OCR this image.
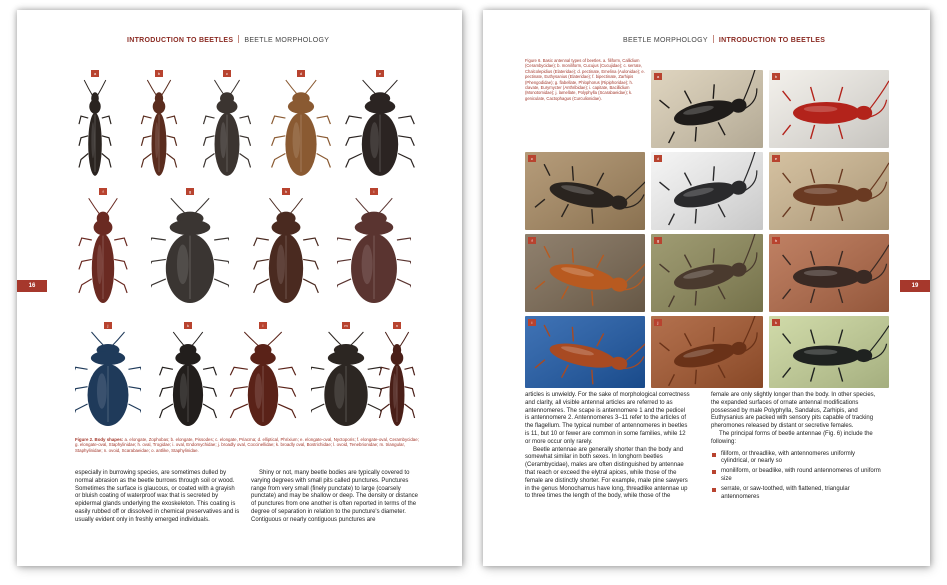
INTRODUCTION TO BEETLES BEETLE MORPHOLOGY
16
a	b	c	d	e
f	g	h	i
j	k	l	m	n
Figure 2. Body shapes: a. elongate, Zophobas; b. elongate, Pissodes; c. elongate, Priacma; d. elliptical, Phrixium; e. elongate-oval, Nyctoporis; f. elongate-oval, Cerambycidae; g. elongate-oval, Staphylinidae; h. oval, Trogidae; i. oval, Endomychidae; j. broadly oval, Coccinellidae; k. broadly oval, Bostrichidae; l. ovoid, Tenebrionidae; m. triangular, Staphylinidae; n. ovoid, Scarabaeidae; o. antlike, Staphylinidae.
especially in burrowing species, are sometimes dulled by normal abrasion as the beetle burrows through soil or wood. Sometimes the surface is glaucous, or coated with a grayish or bluish coating of waterproof wax that is secreted by epidermal glands underlying the exoskeleton. This coating is easily rubbed off or dissolved in chemical preservatives and is usually evident only in freshly emerged individuals.
Shiny or not, many beetle bodies are typically covered to varying degrees with small pits called punctures. Punctures range from very small (finely punctate) to large (coarsely punctate) and may be shallow or deep. The density or distance of punctures from one another is often reported in terms of the degree of separation in relation to the puncture's diameter. Contiguous or nearly contiguous punctures are
BEETLE MORPHOLOGY INTRODUCTION TO BEETLES
19
Figure 6. Basic antennal types of beetles. a. filiform, Callidium (Cerambycidae); b. moniliform, Cucujus (Cucujidae); c. serrate, Chalcolepidius (Elateridae); d. pectinate, Emelina (Aulonidae); e. pectinate, Euthysanius (Elateridae); f. bipectinate, Zarhipis (Phengodidae); g. flabellate, Phlophorus (Ripiphoridae); h. clavate, Eurymycter (Anthribidae); i. capitate, Bacillidium (Monotomidae); j. lamellate, Polyphylla (Scarabaeidae); k. geniculate, Cactophagus (Curculionidae).
a	b
c	d	e
f	g	h
i	j	k

articles is unwieldy. For the sake of morphological correctness and clarity, all visible antennal articles are referred to as antennomeres. The scape is antennomere 1 and the pedicel is antennomere 2. Antennomeres 3–11 refer to the articles of the flagellum. The typical number of antennomeres in beetles is 11, but 10 or fewer are common in some families, while 12 or more occur only rarely.

Beetle antennae are generally shorter than the body and somewhat similar in both sexes. In longhorn beetles (Cerambycidae), males are often distinguished by antennae that reach or exceed the elytral apices, while those of the female are distinctly shorter. For example, male pine sawyers in the genus Monochamus have long, threadlike antennae up to three times the length of the body, while those of the

female are only slightly longer than the body. In other species, the expanded surfaces of ornate antennal modifications possessed by male Polyphylla, Sandalus, Zarhipis, and Euthysanius are packed with sensory pits capable of tracking pheromones released by distant or secretive females.

The principal forms of beetle antennae (Fig. 6) include the following:

filiform, or threadlike, with antennomeres uniformly cylindrical, or nearly so
moniliform, or beadlike, with round antennomeres of uniform size
serrate, or saw-toothed, with flattened, triangular antennomeres
